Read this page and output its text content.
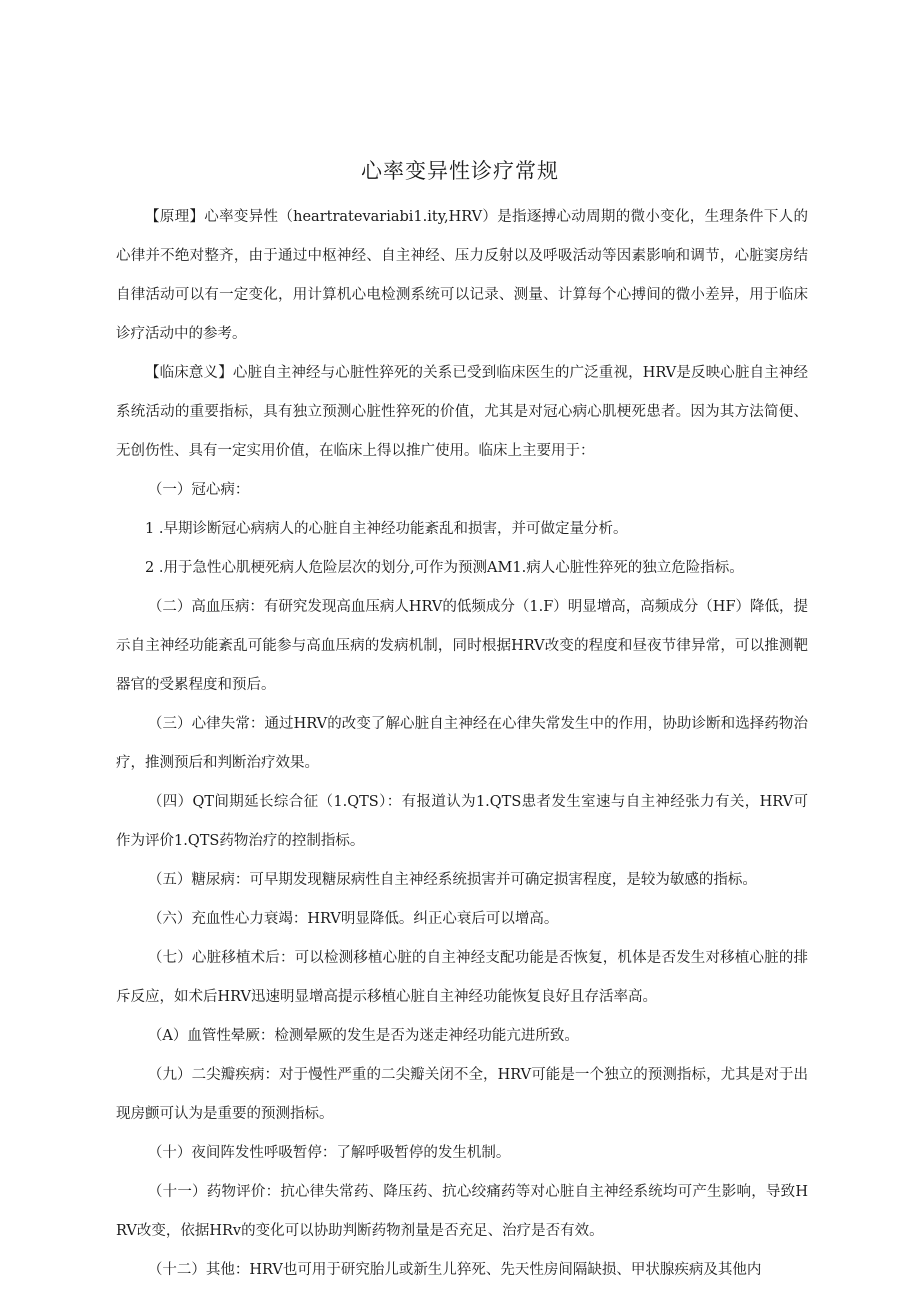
心率变异性诊疗常规

【原理】心率变异性（heartratevariabi1.ity,HRV）是指逐搏心动周期的微小变化，生理条件下人的心律并不绝对整齐，由于通过中枢神经、自主神经、压力反射以及呼吸活动等因素影响和调节，心脏窦房结自律活动可以有一定变化，用计算机心电检测系统可以记录、测量、计算每个心搏间的微小差异，用于临床诊疗活动中的参考。

【临床意义】心脏自主神经与心脏性猝死的关系已受到临床医生的广泛重视，HRV是反映心脏自主神经系统活动的重要指标，具有独立预测心脏性猝死的价值，尤其是对冠心病心肌梗死患者。因为其方法简便、无创伤性、具有一定实用价值，在临床上得以推广使用。临床上主要用于：

（一）冠心病：

1 .早期诊断冠心病病人的心脏自主神经功能紊乱和损害，并可做定量分析。

2 .用于急性心肌梗死病人危险层次的划分,可作为预测AM1.病人心脏性猝死的独立危险指标。

（二）高血压病：有研究发现高血压病人HRV的低频成分（1.F）明显增高，高频成分（HF）降低，提示自主神经功能紊乱可能参与高血压病的发病机制，同时根据HRV改变的程度和昼夜节律异常，可以推测靶器官的受累程度和预后。

（三）心律失常：通过HRV的改变了解心脏自主神经在心律失常发生中的作用，协助诊断和选择药物治疗，推测预后和判断治疗效果。

（四）QT间期延长综合征（1.QTS）：有报道认为1.QTS患者发生室速与自主神经张力有关，HRV可作为评价1.QTS药物治疗的控制指标。

（五）糖尿病：可早期发现糖尿病性自主神经系统损害并可确定损害程度，是较为敏感的指标。

（六）充血性心力衰竭：HRV明显降低。纠正心衰后可以增高。

（七）心脏移植术后：可以检测移植心脏的自主神经支配功能是否恢复，机体是否发生对移植心脏的排斥反应，如术后HRV迅速明显增高提示移植心脏自主神经功能恢复良好且存活率高。

（A）血管性晕厥：检测晕厥的发生是否为迷走神经功能亢进所致。

（九）二尖瓣疾病：对于慢性严重的二尖瓣关闭不全，HRV可能是一个独立的预测指标，尤其是对于出现房颤可认为是重要的预测指标。

（十）夜间阵发性呼吸暂停：了解呼吸暂停的发生机制。

（十一）药物评价：抗心律失常药、降压药、抗心绞痛药等对心脏自主神经系统均可产生影响，导致HRV改变，依据HRv的变化可以协助判断药物剂量是否充足、治疗是否有效。

（十二）其他：HRV也可用于研究胎儿或新生儿猝死、先天性房间隔缺损、甲状腺疾病及其他内
